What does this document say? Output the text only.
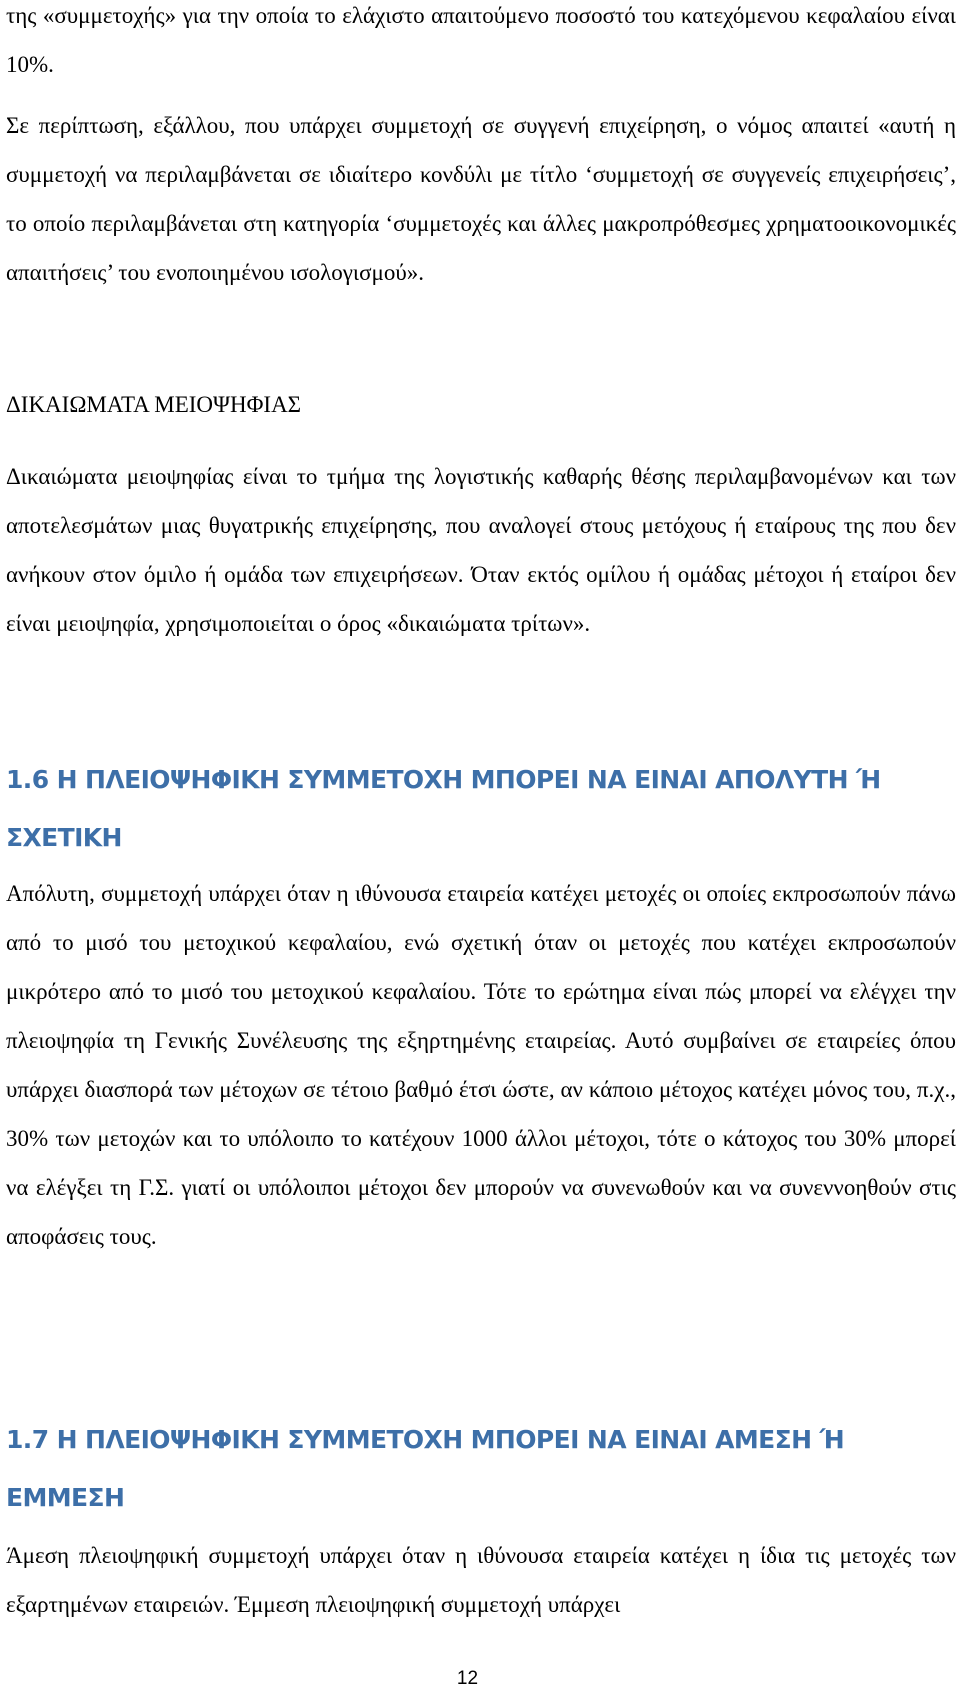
της «συμμετοχής» για την οποία το ελάχιστο απαιτούμενο ποσοστό του κατεχόμενου κεφαλαίου είναι 10%.

Σε περίπτωση, εξάλλου, που υπάρχει συμμετοχή σε συγγενή επιχείρηση, ο νόμος απαιτεί «αυτή η συμμετοχή να περιλαμβάνεται σε ιδιαίτερο κονδύλι με τίτλο ‘συμμετοχή σε συγγενείς επιχειρήσεις’, το οποίο περιλαμβάνεται στη κατηγορία ‘συμμετοχές και άλλες μακροπρόθεσμες χρηματοοικονομικές απαιτήσεις’ του ενοποιημένου ισολογισμού».

ΔΙΚΑΙΩΜΑΤΑ ΜΕΙΟΨΗΦΙΑΣ

Δικαιώματα μειοψηφίας είναι το τμήμα της λογιστικής καθαρής θέσης περιλαμβανομένων και των αποτελεσμάτων μιας θυγατρικής επιχείρησης, που αναλογεί στους μετόχους ή εταίρους της που δεν ανήκουν στον όμιλο ή ομάδα των επιχειρήσεων. Όταν εκτός ομίλου ή ομάδας μέτοχοι ή εταίροι δεν είναι μειοψηφία, χρησιμοποιείται ο όρος «δικαιώματα τρίτων».

1.6 Η ΠΛΕΙΟΨΗΦΙΚΗ ΣΥΜΜΕΤΟΧΗ ΜΠΟΡΕΙ ΝΑ ΕΙΝΑΙ ΑΠΟΛΥΤΗ Ή ΣΧΕΤΙΚΗ

Απόλυτη, συμμετοχή υπάρχει όταν η ιθύνουσα εταιρεία κατέχει μετοχές οι οποίες εκπροσωπούν πάνω από το μισό του μετοχικού κεφαλαίου, ενώ σχετική όταν οι μετοχές που κατέχει εκπροσωπούν μικρότερο από το μισό του μετοχικού κεφαλαίου. Τότε το ερώτημα είναι πώς μπορεί να ελέγχει την πλειοψηφία τη Γενικής Συνέλευσης της εξηρτημένης εταιρείας. Αυτό συμβαίνει σε εταιρείες όπου υπάρχει διασπορά των μέτοχων σε τέτοιο βαθμό έτσι ώστε, αν κάποιο μέτοχος κατέχει μόνος του, π.χ., 30% των μετοχών και το υπόλοιπο το κατέχουν 1000 άλλοι μέτοχοι, τότε ο κάτοχος του 30% μπορεί να ελέγξει τη Γ.Σ. γιατί οι υπόλοιποι μέτοχοι δεν μπορούν να συνενωθούν και να συνεννοηθούν στις αποφάσεις τους.

1.7 Η ΠΛΕΙΟΨΗΦΙΚΗ ΣΥΜΜΕΤΟΧΗ ΜΠΟΡΕΙ ΝΑ ΕΙΝΑΙ ΑΜΕΣΗ Ή ΕΜΜΕΣΗ

Άμεση πλειοψηφική συμμετοχή υπάρχει όταν η ιθύνουσα εταιρεία κατέχει η ίδια τις μετοχές των εξαρτημένων εταιρειών. Έμμεση πλειοψηφική συμμετοχή υπάρχει

12
